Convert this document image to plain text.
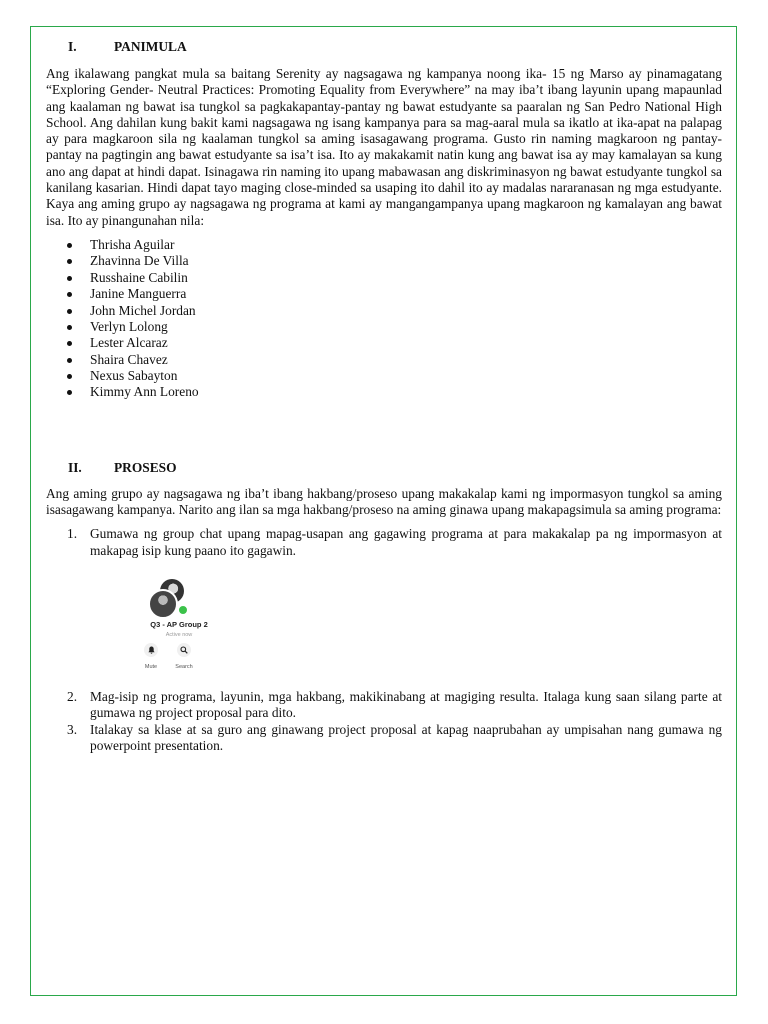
I.	PANIMULA

Ang ikalawang pangkat mula sa baitang Serenity ay nagsagawa ng kampanya noong ika- 15 ng Marso ay pinamagatang “Exploring Gender- Neutral Practices: Promoting Equality from Everywhere” na may iba’t ibang layunin upang mapaunlad ang kaalaman ng bawat isa tungkol sa pagkakapantay-pantay ng bawat estudyante sa paaralan ng San Pedro National High School. Ang dahilan kung bakit kami nagsagawa ng isang kampanya para sa mag-aaral mula sa ikatlo at ika-apat na palapag ay para magkaroon sila ng kaalaman tungkol sa aming isasagawang programa. Gusto rin naming magkaroon ng pantay-pantay na pagtingin ang bawat estudyante sa isa’t isa. Ito ay makakamit natin kung ang bawat isa ay may kamalayan sa kung ano ang dapat at hindi dapat. Isinagawa rin naming ito upang mabawasan ang diskriminasyon ng bawat estudyante tungkol sa kanilang kasarian. Hindi dapat tayo maging close-minded sa usaping ito dahil ito ay madalas nararanasan ng mga estudyante. Kaya ang aming grupo ay nagsagawa ng programa at kami ay mangangampanya upang magkaroon ng kamalayan ang bawat isa. Ito ay pinangunahan nila:

Thrisha Aguilar
Zhavinna De Villa
Russhaine Cabilin
Janine Manguerra
John Michel Jordan
Verlyn Lolong
Lester Alcaraz
Shaira Chavez
Nexus Sabayton
Kimmy Ann Loreno
II.	PROSESO

Ang aming grupo ay nagsagawa ng iba’t ibang hakbang/proseso upang makakalap kami ng impormasyon tungkol sa aming isasagawang kampanya. Narito ang ilan sa mga hakbang/proseso na aming ginawa upang makapagsimula sa aming programa:

1. Gumawa ng group chat upang mapag-usapan ang gagawing programa at para makakalap pa ng impormasyon at makapag isip kung paano ito gagawin.
Q3 - AP Group 2
Active now
Mute	Search
2. Mag-isip ng programa, layunin, mga hakbang, makikinabang at magiging resulta. Italaga kung saan silang parte at gumawa ng project proposal para dito.
3. Italakay sa klase at sa guro ang ginawang project proposal at kapag naaprubahan ay umpisahan nang gumawa ng powerpoint presentation.
